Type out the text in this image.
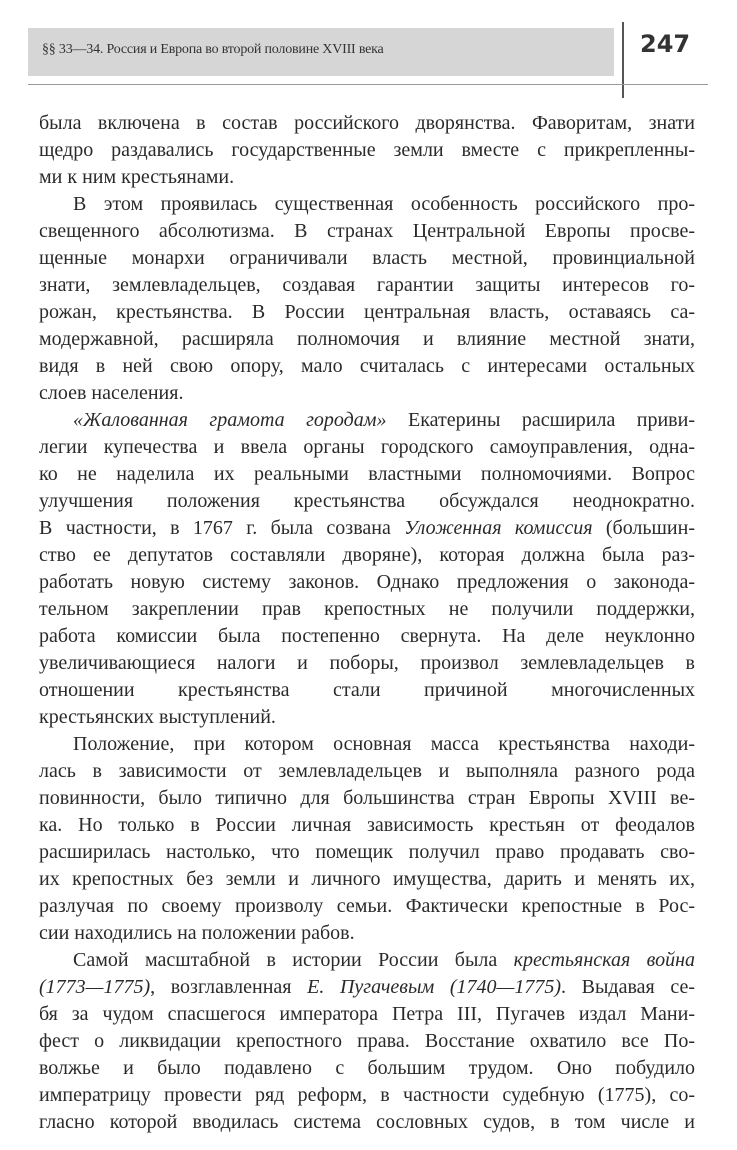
§§ 33—34. Россия и Европа во второй половине XVIII века	247
была включена в состав российского дворянства. Фаворитам, знати
щедро раздавались государственные земли вместе с прикрепленны-
ми к ним крестьянами.
В этом проявилась существенная особенность российского про-
свещенного абсолютизма. В странах Центральной Европы просве-
щенные монархи ограничивали власть местной, провинциальной
знати, землевладельцев, создавая гарантии защиты интересов го-
рожан, крестьянства. В России центральная власть, оставаясь са-
модержавной, расширяла полномочия и влияние местной знати,
видя в ней свою опору, мало считалась с интересами остальных
слоев населения.
«Жалованная грамота городам» Екатерины расширила приви-
легии купечества и ввела органы городского самоуправления, одна-
ко не наделила их реальными властными полномочиями. Вопрос
улучшения положения крестьянства обсуждался неоднократно.
В частности, в 1767 г. была созвана Уложенная комиссия (большин-
ство ее депутатов составляли дворяне), которая должна была раз-
работать новую систему законов. Однако предложения о законода-
тельном закреплении прав крепостных не получили поддержки,
работа комиссии была постепенно свернута. На деле неуклонно
увеличивающиеся налоги и поборы, произвол землевладельцев в
отношении крестьянства стали причиной многочисленных
крестьянских выступлений.
Положение, при котором основная масса крестьянства находи-
лась в зависимости от землевладельцев и выполняла разного рода
повинности, было типично для большинства стран Европы XVIII ве-
ка. Но только в России личная зависимость крестьян от феодалов
расширилась настолько, что помещик получил право продавать сво-
их крепостных без земли и личного имущества, дарить и менять их,
разлучая по своему произволу семьи. Фактически крепостные в Рос-
сии находились на положении рабов.
Самой масштабной в истории России была крестьянская война
(1773—1775), возглавленная Е. Пугачевым (1740—1775). Выдавая се-
бя за чудом спасшегося императора Петра III, Пугачев издал Мани-
фест о ликвидации крепостного права. Восстание охватило все По-
волжье и было подавлено с большим трудом. Оно побудило
императрицу провести ряд реформ, в частности судебную (1775), со-
гласно которой вводилась система сословных судов, в том числе и
